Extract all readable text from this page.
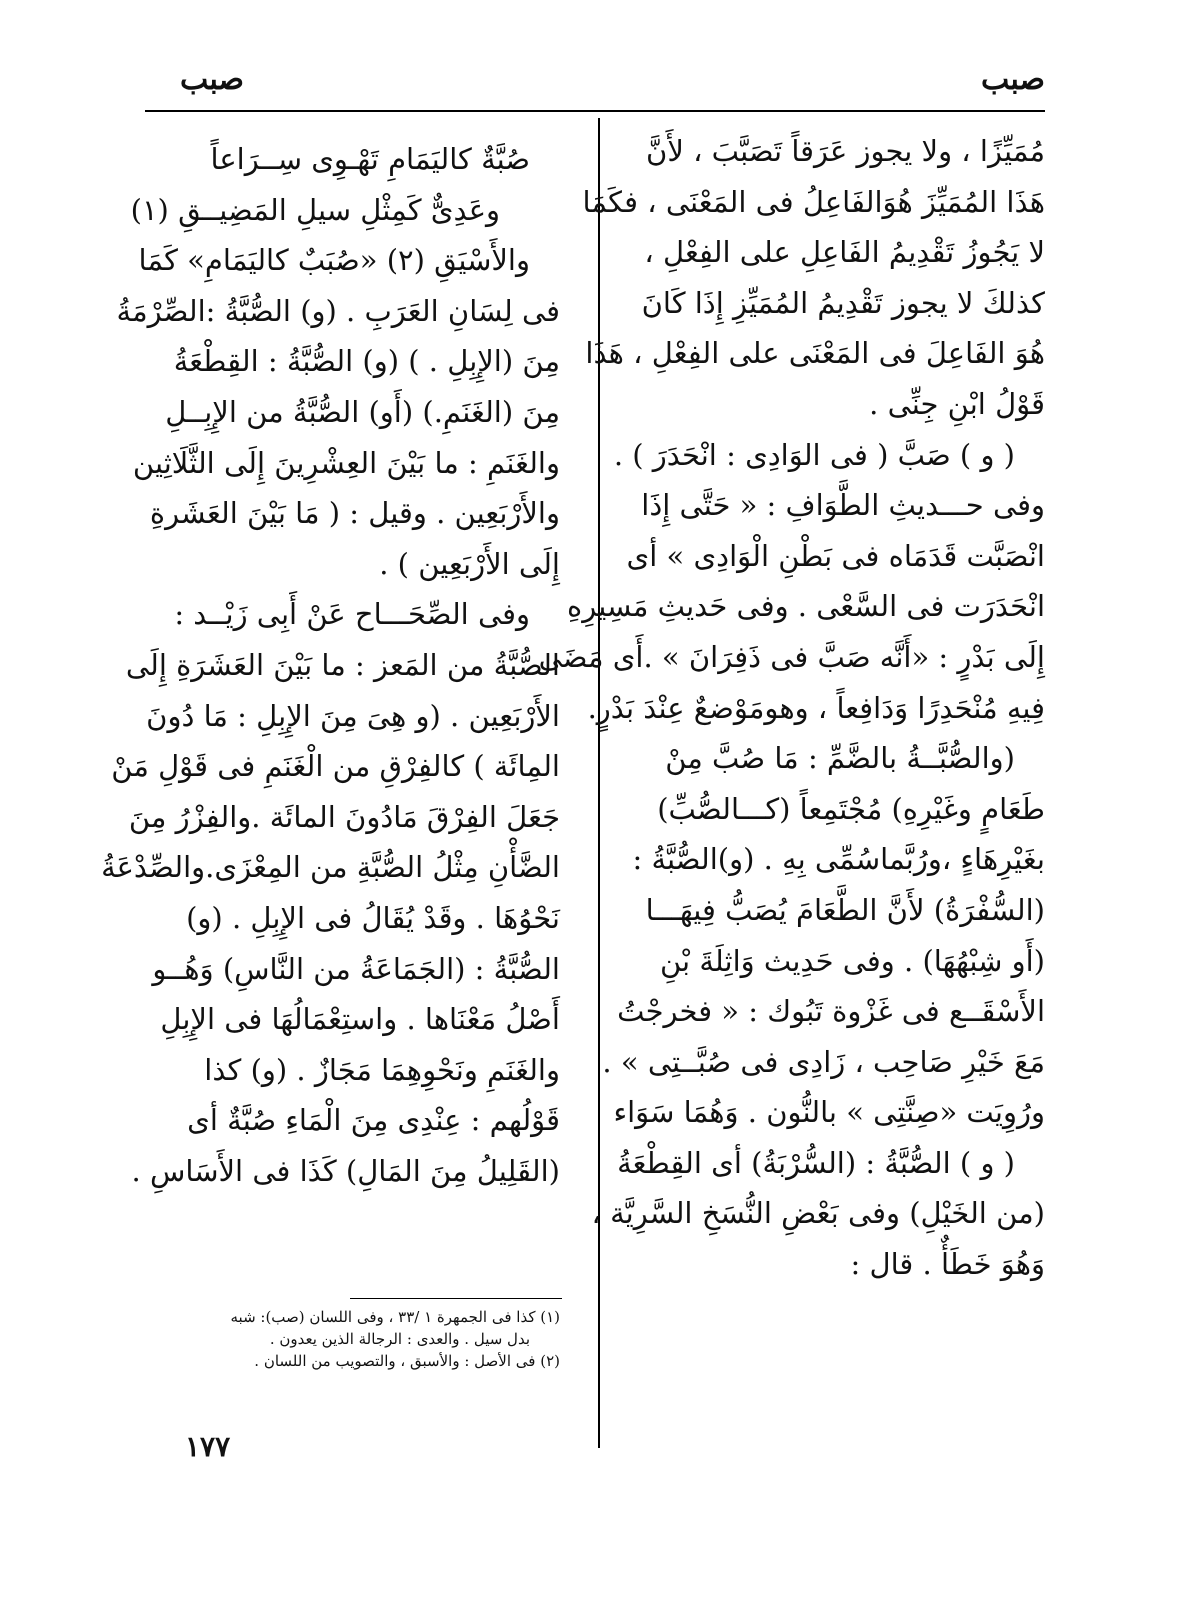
صبب
صبب
مُمَيِّزًا ، ولا يجوز عَرَقاً تَصَبَّبَ ، لأَنَّ
هَذَا المُمَيِّزَ هُوَالفَاعِلُ فى المَعْنَى ، فكَمَا
لا يَجُوزُ تَقْدِيمُ الفَاعِلِ على الفِعْلِ ،
كذلكَ لا يجوز تَقْدِيمُ المُمَيِّزِ إِذَا كَانَ
هُوَ الفَاعِلَ فى المَعْنَى على الفِعْلِ ، هَذَا
قَوْلُ ابْنِ جِنِّى .
( و ) صَبَّ ( فى الوَادِى : انْحَدَرَ ) .
وفى حـــديثِ الطَّوَافِ : « حَتَّى إِذَا
انْصَبَّت قَدَمَاه فى بَطْنِ الْوَادِى » أى
انْحَدَرَت فى السَّعْى . وفى حَديثِ مَسِيرِهِ
إِلَى بَدْرٍ : «أَنَّه صَبَّ فى ذَفِرَانَ » .أَى مَضَى
فِيهِ مُنْحَدِرًا وَدَافِعاً ، وهومَوْضعٌ عِنْدَ بَدْرٍ.
(والصُّبَّــةُ بالضَّمِّ : مَا صُبَّ مِنْ
طَعَامٍ وغَيْرِهِ) مُجْتَمِعاً (كـــالصُّبِّ)
بغَيْرِهَاءٍ ،ورُبَّماسُمِّى بِهِ . (و)الصُّبَّةُ :
(السُّفْرَةُ) لأَنَّ الطَّعَامَ يُصَبُّ فِيهَـــا
(أَو شِبْهُهَا) . وفى حَدِيث وَاثِلَةَ بْنِ
الأَسْقَــع فى غَزْوة تَبُوك : « فخرجْتُ
مَعَ خَيْرِ صَاحِب ، زَادِى فى صُبَّــتِى » .
ورُوِيَت «صِنَّتِى » بالنُّون . وَهُمَا سَوَاء
( و ) الصُّبَّةُ : (السُّرْبَةُ) أى القِطْعَةُ
(من الخَيْلِ) وفى بَعْضِ النُّسَخِ السَّرِيَّة ،
وَهُوَ خَطَأٌ . قال :
صُبَّةٌ كاليَمَامِ تَهْـوِى سِــرَاعاً
وعَدِىٌّ كَمِثْلِ سيلِ المَضِيــقِ (١)
والأَسْيَقِ (٢) «صُبَبٌ كاليَمَامِ» كَمَا
فى لِسَانِ العَرَبِ . (و) الصُّبَّةُ :الصِّرْمَةُ
مِنَ (الإِبِلِ . ) (و) الصُّبَّةُ : القِطْعَةُ
مِنَ (الغَنَمِ.) (أَو) الصُّبَّةُ من الإِبِــلِ
والغَنَمِ : ما بَيْنَ العِشْرِينَ إِلَى الثَّلَاثِين
والأَرْبَعِين . وقيل : ( مَا بَيْنَ العَشَرةِ
إِلَى الأَرْبَعِين ) .
وفى الصِّحَـــاح عَنْ أَبِى زَيْــد :
الصُّبَّةُ من المَعز : ما بَيْنَ العَشَرَةِ إِلَى
الأَرْبَعِين . (و هِىَ مِنَ الإِبِلِ : مَا دُونَ
المِائَة ) كالفِرْقِ من الْغَنَمِ فى قَوْلِ مَنْ
جَعَلَ الفِرْقَ مَادُونَ المائَة .والفِزْرُ مِنَ
الضَّأْنِ مِثْلُ الصُّبَّةِ من المِعْزَى.والصِّدْعَةُ
نَحْوُهَا . وقَدْ يُقَالُ فى الإِبِلِ . (و)
الصُّبَّةُ : (الجَمَاعَةُ من النَّاسِ) وَهُــو
أَصْلُ مَعْنَاها . واستِعْمَالُهَا فى الإِبِلِ
والغَنَمِ ونَحْوِهِمَا مَجَازٌ . (و) كذا
قَوْلُهم : عِنْدِى مِنَ الْمَاءِ صُبَّةٌ أى
(القَلِيلُ مِنَ المَالِ) كَذَا فى الأَسَاسِ .
(١) كذا فى الجمهرة ١ /٣٣ ، وفى اللسان (صب): شبه
بدل سيل . والعدى : الرجالة الذين يعدون .
(٢) فى الأصل : والأسبق ، والتصويب من اللسان .
١٧٧
